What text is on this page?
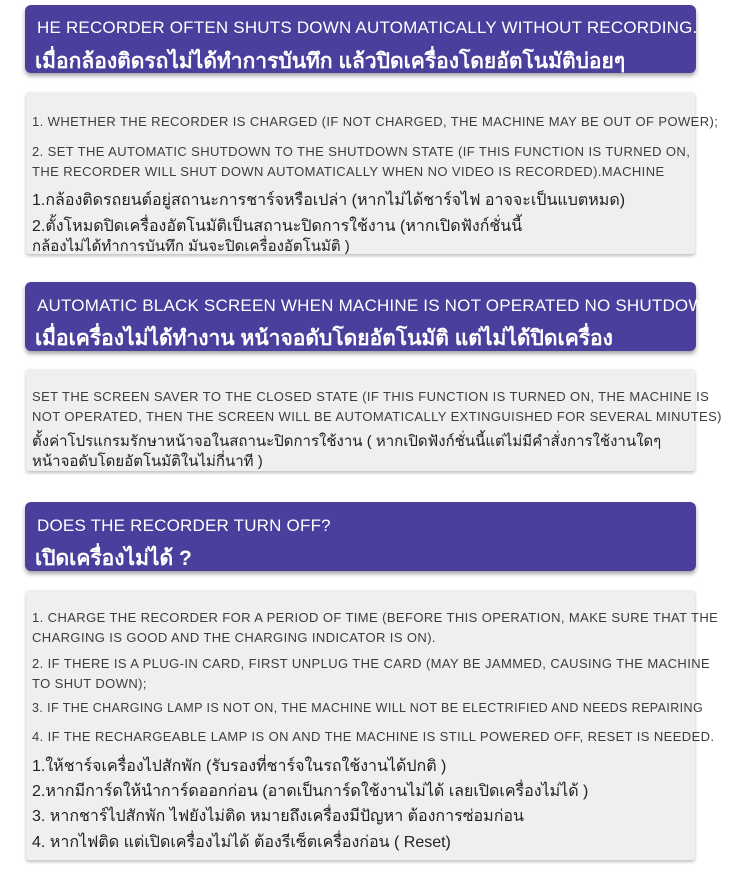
HE RECORDER OFTEN SHUTS DOWN AUTOMATICALLY WITHOUT RECORDING.
เมื่อกล้องติดรถไม่ได้ทำการบันทึก แล้วปิดเครื่องโดยอัตโนมัติบ่อยๆ
1. WHETHER THE RECORDER IS CHARGED (IF NOT CHARGED, THE MACHINE MAY BE OUT OF POWER);
2. SET THE AUTOMATIC SHUTDOWN TO THE SHUTDOWN STATE (IF THIS FUNCTION IS TURNED ON,
THE RECORDER WILL SHUT DOWN AUTOMATICALLY WHEN NO VIDEO IS RECORDED).MACHINE
1.กล้องติดรถยนต์อยู่สถานะการชาร์จหรือเปล่า (หากไม่ได้ชาร์จไฟ อาจจะเป็นแบตหมด)
2.ตั้งโหมดปิดเครื่องอัตโนมัติเป็นสถานะปิดการใช้งาน (หากเปิดฟังก์ชั่นนี้
กล้องไม่ได้ทำการบันทึก มันจะปิดเครื่องอัตโนมัติ )
AUTOMATIC BLACK SCREEN WHEN MACHINE IS NOT OPERATED NO SHUTDOWN
เมื่อเครื่องไม่ได้ทำงาน หน้าจอดับโดยอัตโนมัติ แต่ไม่ได้ปิดเครื่อง
SET THE SCREEN SAVER TO THE CLOSED STATE (IF THIS FUNCTION IS TURNED ON, THE MACHINE IS
NOT OPERATED, THEN THE SCREEN WILL BE AUTOMATICALLY EXTINGUISHED FOR SEVERAL MINUTES)
ตั้งค่าโปรแกรมรักษาหน้าจอในสถานะปิดการใช้งาน ( หากเปิดฟังก์ชั่นนี้แต่ไม่มีคำสั่งการใช้งานใดๆ
หน้าจอดับโดยอัตโนมัติในไม่กี่นาที )
DOES THE RECORDER TURN OFF?
เปิดเครื่องไม่ได้ ?
1. CHARGE THE RECORDER FOR A PERIOD OF TIME (BEFORE THIS OPERATION, MAKE SURE THAT THE
CHARGING IS GOOD AND THE CHARGING INDICATOR IS ON).
2. IF THERE IS A PLUG-IN CARD, FIRST UNPLUG THE CARD (MAY BE JAMMED, CAUSING THE MACHINE
TO SHUT DOWN);
3. IF THE CHARGING LAMP IS NOT ON, THE MACHINE WILL NOT BE ELECTRIFIED AND NEEDS REPAIRING
4. IF THE RECHARGEABLE LAMP IS ON AND THE MACHINE IS STILL POWERED OFF, RESET IS NEEDED.
1.ให้ชาร์จเครื่องไปสักพัก (รับรองที่ชาร์จในรถใช้งานได้ปกติ )
2.หากมีการ์ดให้นำการ์ดออกก่อน (อาดเป็นการ์ดใช้งานไม่ได้ เลยเปิดเครื่องไม่ได้ )
3. หากชาร์ไปสักพัก ไฟยังไม่ติด หมายถึงเครื่องมีปัญหา ต้องการซ่อมก่อน
4. หากไฟติด แต่เปิดเครื่องไม่ได้ ต้องรีเซ็ตเครื่องก่อน ( Reset)
